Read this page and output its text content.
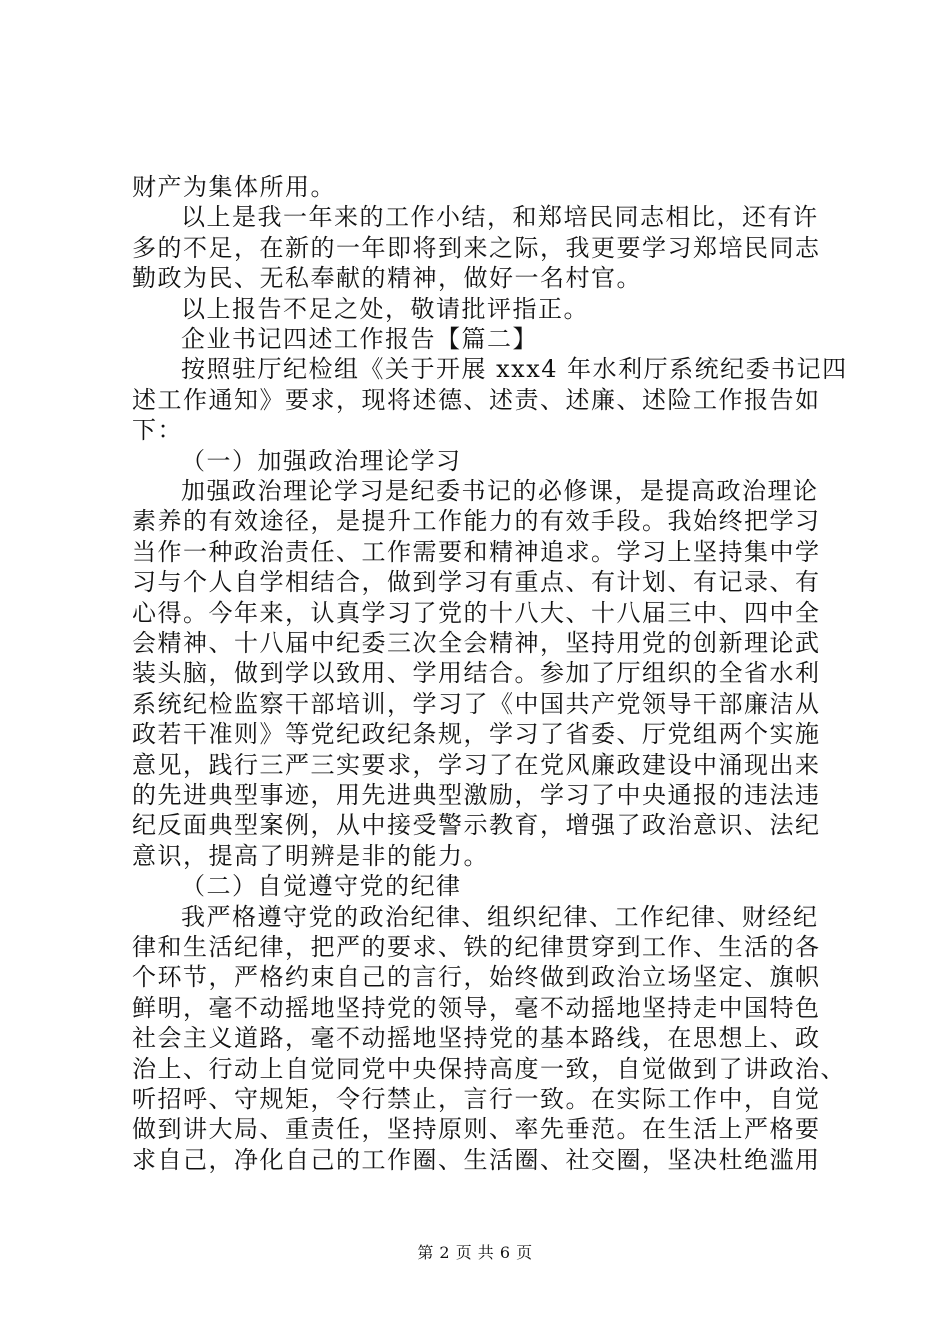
财产为集体所用。
以上是我一年来的工作小结，和郑培民同志相比，还有许
多的不足，在新的一年即将到来之际，我更要学习郑培民同志
勤政为民、无私奉献的精神，做好一名村官。
以上报告不足之处，敬请批评指正。
企业书记四述工作报告【篇二】
按照驻厅纪检组《关于开展 xxx4 年水利厅系统纪委书记四
述工作通知》要求，现将述德、述责、述廉、述险工作报告如
下：
（一）加强政治理论学习
加强政治理论学习是纪委书记的必修课，是提高政治理论
素养的有效途径，是提升工作能力的有效手段。我始终把学习
当作一种政治责任、工作需要和精神追求。学习上坚持集中学
习与个人自学相结合，做到学习有重点、有计划、有记录、有
心得。今年来，认真学习了党的十八大、十八届三中、四中全
会精神、十八届中纪委三次全会精神，坚持用党的创新理论武
装头脑，做到学以致用、学用结合。参加了厅组织的全省水利
系统纪检监察干部培训，学习了《中国共产党领导干部廉洁从
政若干准则》等党纪政纪条规，学习了省委、厅党组两个实施
意见，践行三严三实要求，学习了在党风廉政建设中涌现出来
的先进典型事迹，用先进典型激励，学习了中央通报的违法违
纪反面典型案例，从中接受警示教育，增强了政治意识、法纪
意识，提高了明辨是非的能力。
（二）自觉遵守党的纪律
我严格遵守党的政治纪律、组织纪律、工作纪律、财经纪
律和生活纪律，把严的要求、铁的纪律贯穿到工作、生活的各
个环节，严格约束自己的言行，始终做到政治立场坚定、旗帜
鲜明，毫不动摇地坚持党的领导，毫不动摇地坚持走中国特色
社会主义道路，毫不动摇地坚持党的基本路线，在思想上、政
治上、行动上自觉同党中央保持高度一致，自觉做到了讲政治、
听招呼、守规矩，令行禁止，言行一致。在实际工作中，自觉
做到讲大局、重责任，坚持原则、率先垂范。在生活上严格要
求自己，净化自己的工作圈、生活圈、社交圈，坚决杜绝滥用
第 2 页 共 6 页
